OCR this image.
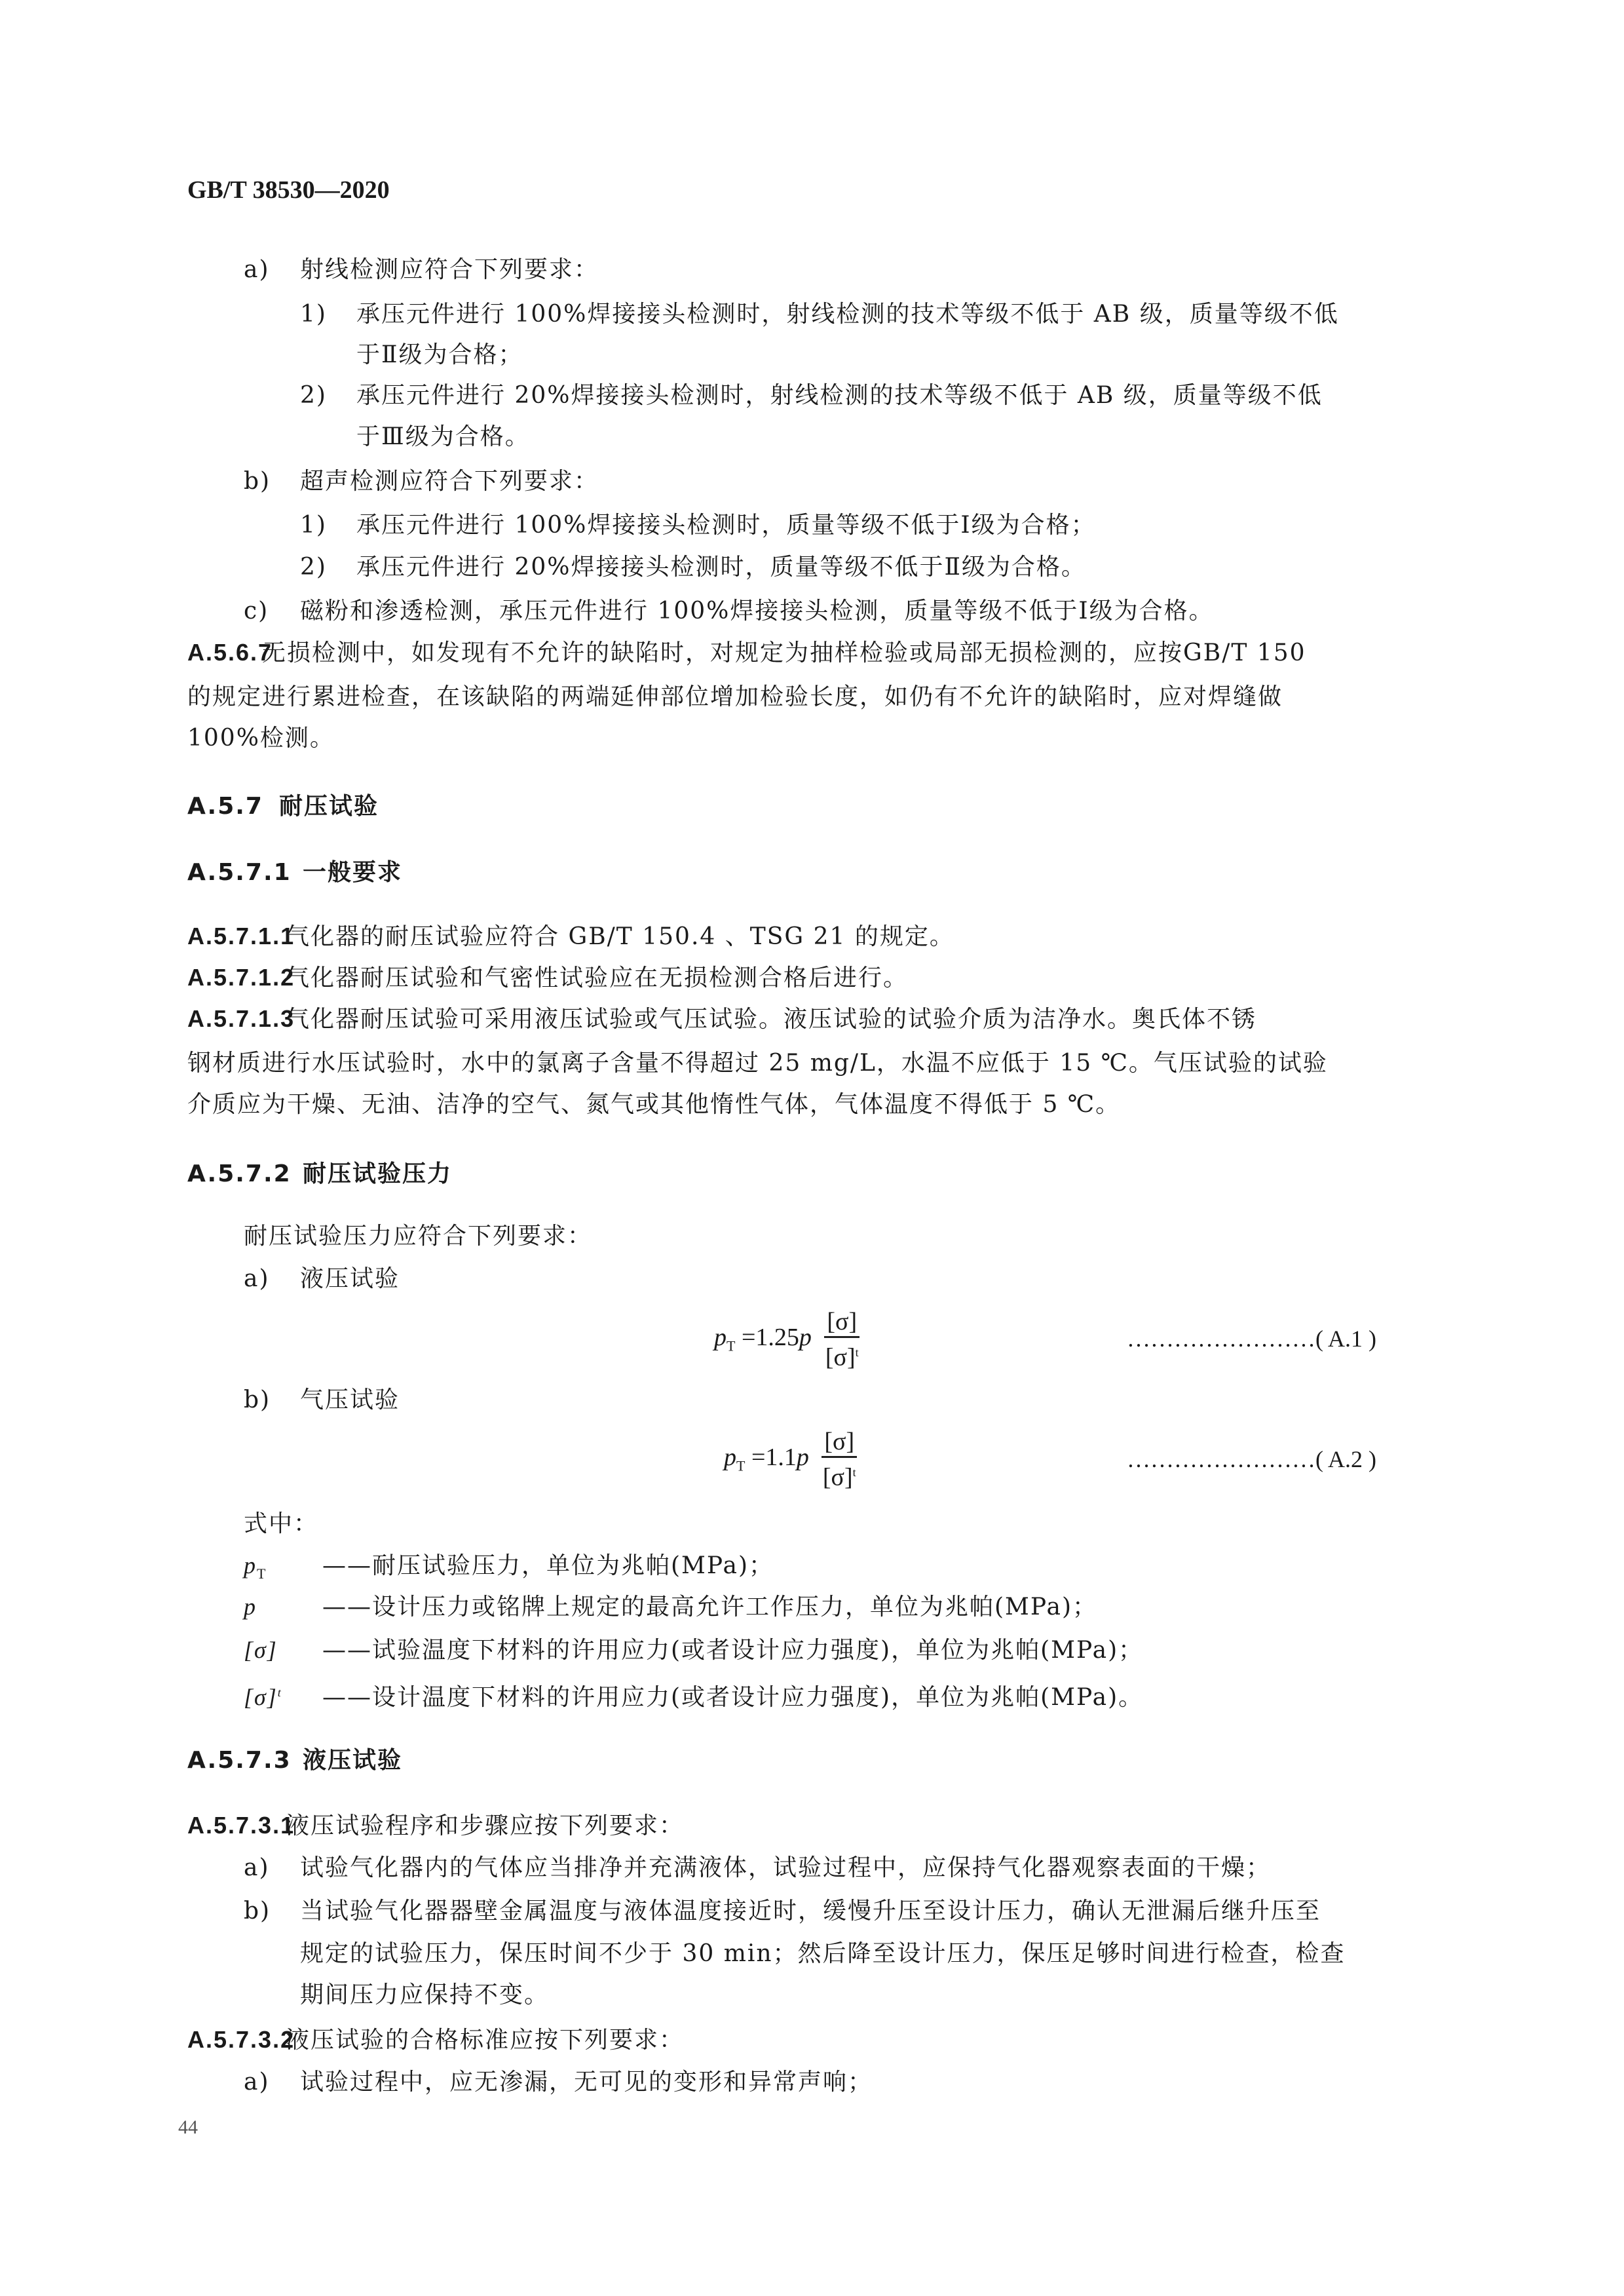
GB/T 38530—2020
a) 射线检测应符合下列要求：
1) 承压元件进行 100%焊接接头检测时，射线检测的技术等级不低于 AB 级，质量等级不低
于Ⅱ级为合格；
2) 承压元件进行 20%焊接接头检测时，射线检测的技术等级不低于 AB 级，质量等级不低
于Ⅲ级为合格。
b) 超声检测应符合下列要求：
1) 承压元件进行 100%焊接接头检测时，质量等级不低于Ⅰ级为合格；
2) 承压元件进行 20%焊接接头检测时，质量等级不低于Ⅱ级为合格。
c) 磁粉和渗透检测，承压元件进行 100%焊接接头检测，质量等级不低于Ⅰ级为合格。
A.5.6.7无损检测中，如发现有不允许的缺陷时，对规定为抽样检验或局部无损检测的，应按GB/T 150
的规定进行累进检查，在该缺陷的两端延伸部位增加检验长度，如仍有不允许的缺陷时，应对焊缝做
100%检测。
A.5.7 耐压试验
A.5.7.1 一般要求
A.5.7.1.1气化器的耐压试验应符合 GB/T 150.4 、TSG 21 的规定。
A.5.7.1.2气化器耐压试验和气密性试验应在无损检测合格后进行。
A.5.7.1.3气化器耐压试验可采用液压试验或气压试验。液压试验的试验介质为洁净水。奥氏体不锈
钢材质进行水压试验时，水中的氯离子含量不得超过 25 mg/L，水温不应低于 15 ℃。气压试验的试验
介质应为干燥、无油、洁净的空气、氮气或其他惰性气体，气体温度不得低于 5 ℃。
A.5.7.2 耐压试验压力
耐压试验压力应符合下列要求：
a) 液压试验
$p_T =1.25p \frac{[\sigma]}{[\sigma]^t}$	……………………( A.1 )
b) 气压试验
$p_T =1.1p \frac{[\sigma]}{[\sigma]^t}$	……………………( A.2 )
式中：
$p_T$ ——耐压试验压力，单位为兆帕(MPa)；
p	——设计压力或铭牌上规定的最高允许工作压力，单位为兆帕(MPa)；
[σ] ——试验温度下材料的许用应力(或者设计应力强度)，单位为兆帕(MPa)；
$[\sigma]^t$ ——设计温度下材料的许用应力(或者设计应力强度)，单位为兆帕(MPa)。
A.5.7.3 液压试验
A.5.7.3.1液压试验程序和步骤应按下列要求：
a) 试验气化器内的气体应当排净并充满液体，试验过程中，应保持气化器观察表面的干燥；
b) 当试验气化器器壁金属温度与液体温度接近时，缓慢升压至设计压力，确认无泄漏后继升压至
规定的试验压力，保压时间不少于 30 min；然后降至设计压力，保压足够时间进行检查，检查
期间压力应保持不变。
A.5.7.3.2液压试验的合格标准应按下列要求：
a) 试验过程中，应无渗漏，无可见的变形和异常声响；
44
